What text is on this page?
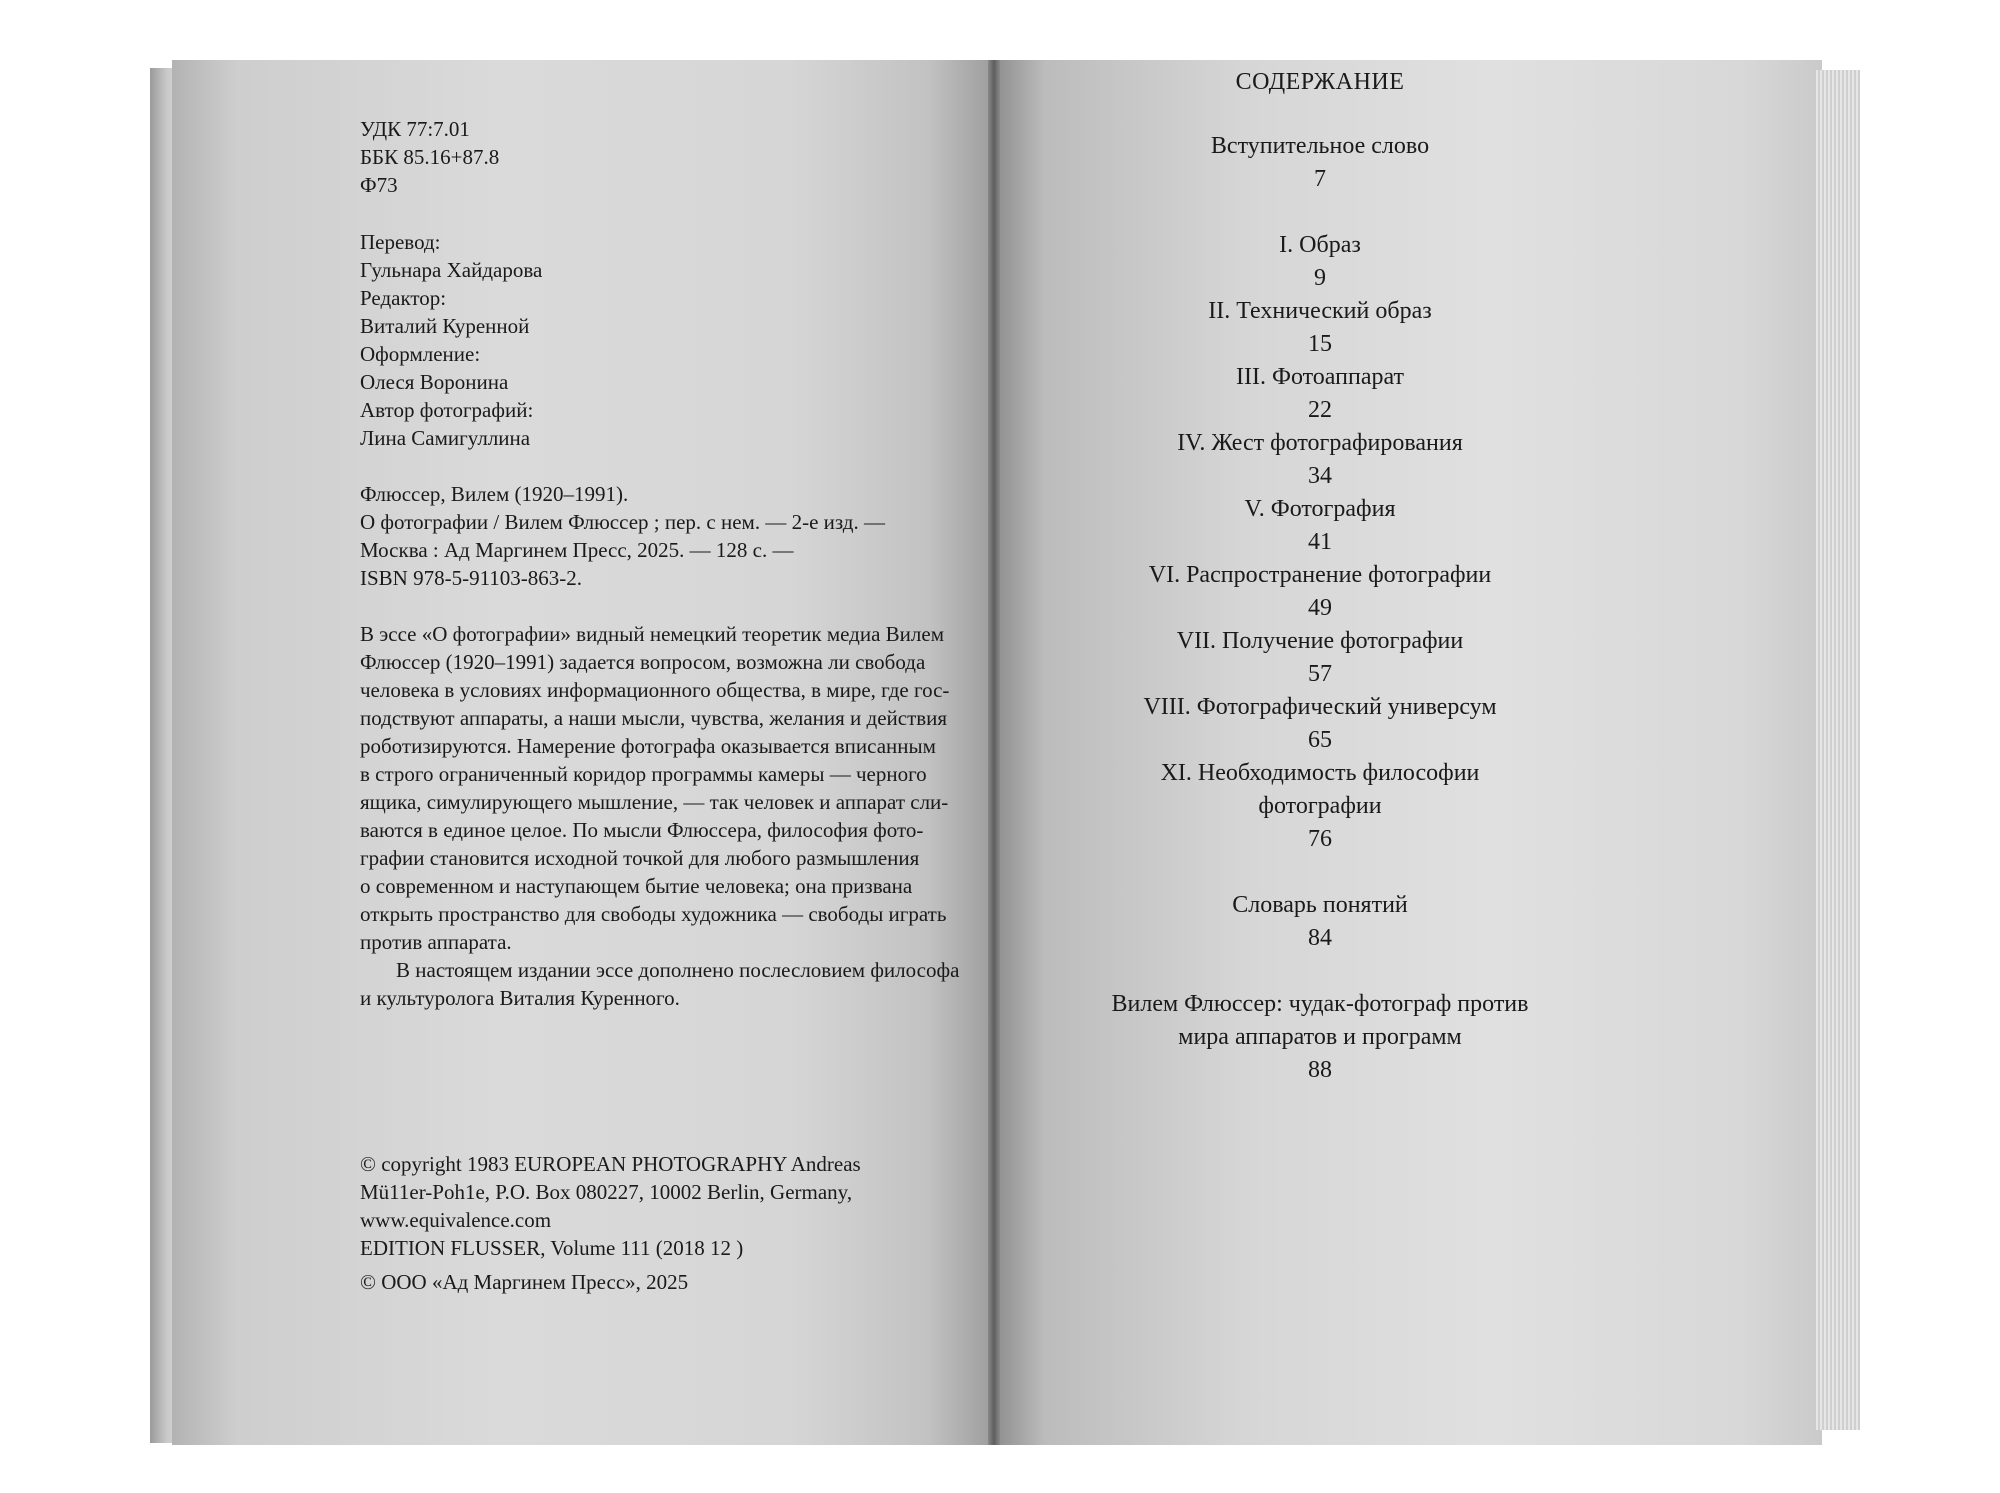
УДК 77:7.01
ББК 85.16+87.8
Ф73
Перевод:
Гульнара Хайдарова
Редактор:
Виталий Куренной
Оформление:
Олеся Воронина
Автор фотографий:
Лина Самигуллина
Флюссер, Вилем (1920–1991).
О фотографии / Вилем Флюссер ; пер. с нем. — 2-е изд. —
Москва : Ад Маргинем Пресс, 2025. — 128 с. —
ISBN 978-5-91103-863-2.
В эссе «О фотографии» видный немецкий теоретик медиа Вилем
Флюссер (1920–1991) задается вопросом, возможна ли свобода
человека в условиях информационного общества, в мире, где гос-
подствуют аппараты, а наши мысли, чувства, желания и действия
роботизируются. Намерение фотографа оказывается вписанным
в строго ограниченный коридор программы камеры — черного
ящика, симулирующего мышление, — так человек и аппарат сли-
ваются в единое целое. По мысли Флюссера, философия фото-
графии становится исходной точкой для любого размышления
о современном и наступающем бытие человека; она призвана
открыть пространство для свободы художника — свободы играть
против аппарата.
В настоящем издании эссе дополнено послесловием философа
и культуролога Виталия Куренного.
© copyright 1983 EUROPEAN PHOTOGRAPHY Andreas
Mü11er-Poh1e, P.O. Box 080227, 10002 Berlin, Germany,
www.equivalence.com
EDITION FLUSSER, Volume 111 (2018 12 )
© ООО «Ад Маргинем Пресс», 2025
СОДЕРЖАНИЕ
Вступительное слово
7
I. Образ
9
II. Технический образ
15
III. Фотоаппарат
22
IV. Жест фотографирования
34
V. Фотография
41
VI. Распространение фотографии
49
VII. Получение фотографии
57
VIII. Фотографический универсум
65
XI. Необходимость философии
фотографии
76
Словарь понятий
84
Вилем Флюссер: чудак-фотограф против
мира аппаратов и программ
88
